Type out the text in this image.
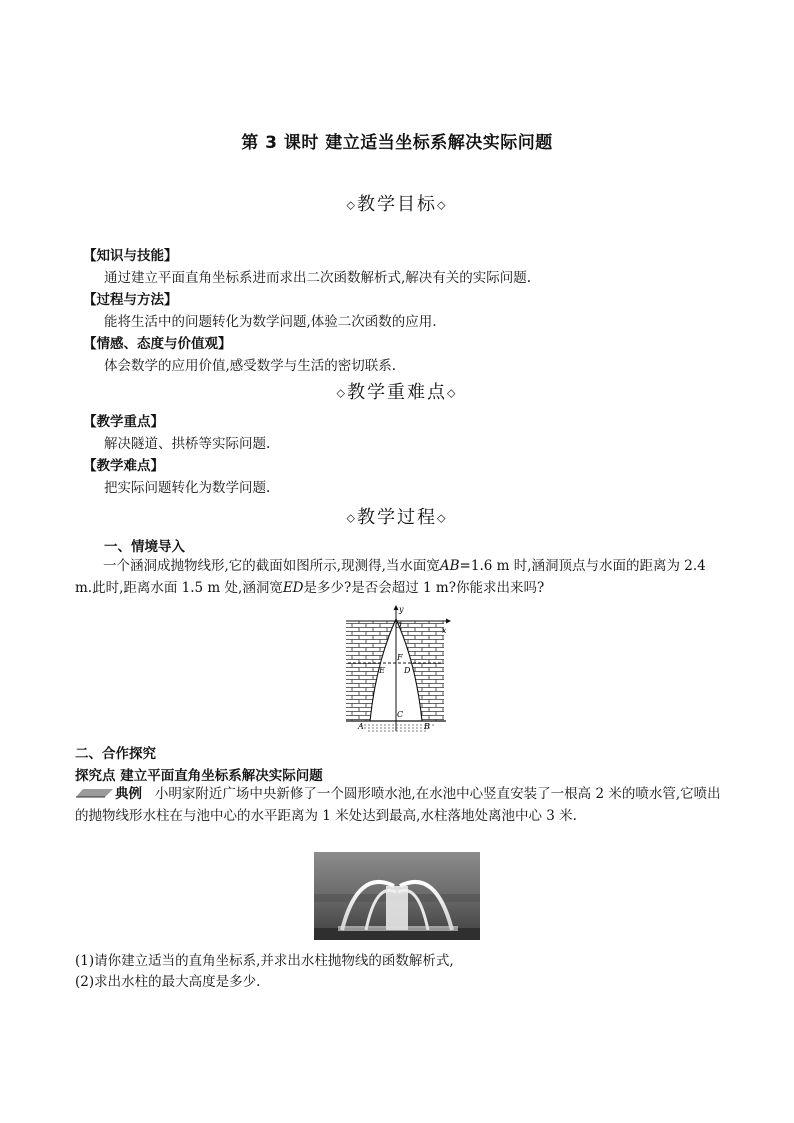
第 3 课时 建立适当坐标系解决实际问题
◇教学目标◇
【知识与技能】
通过建立平面直角坐标系进而求出二次函数解析式,解决有关的实际问题.
【过程与方法】
能将生活中的问题转化为数学问题,体验二次函数的应用.
【情感、态度与价值观】
体会数学的应用价值,感受数学与生活的密切联系.
◇教学重难点◇
【教学重点】
解决隧道、拱桥等实际问题.
【教学难点】
把实际问题转化为数学问题.
◇教学过程◇
一、情境导入
一个涵洞成抛物线形,它的截面如图所示,现测得,当水面宽AB=1.6 m 时,涵洞顶点与水面的距离为 2.4 m.此时,距离水面 1.5 m 处,涵洞宽ED是多少?是否会超过 1 m?你能求出来吗?
y
x
O
F
E D
C
A	B
二、合作探究
探究点 建立平面直角坐标系解决实际问题
典例 小明家附近广场中央新修了一个圆形喷水池,在水池中心竖直安装了一根高 2 米的喷水管,它喷出的抛物线形水柱在与池中心的水平距离为 1 米处达到最高,水柱落地处离池中心 3 米.
(1)请你建立适当的直角坐标系,并求出水柱抛物线的函数解析式,
(2)求出水柱的最大高度是多少.
